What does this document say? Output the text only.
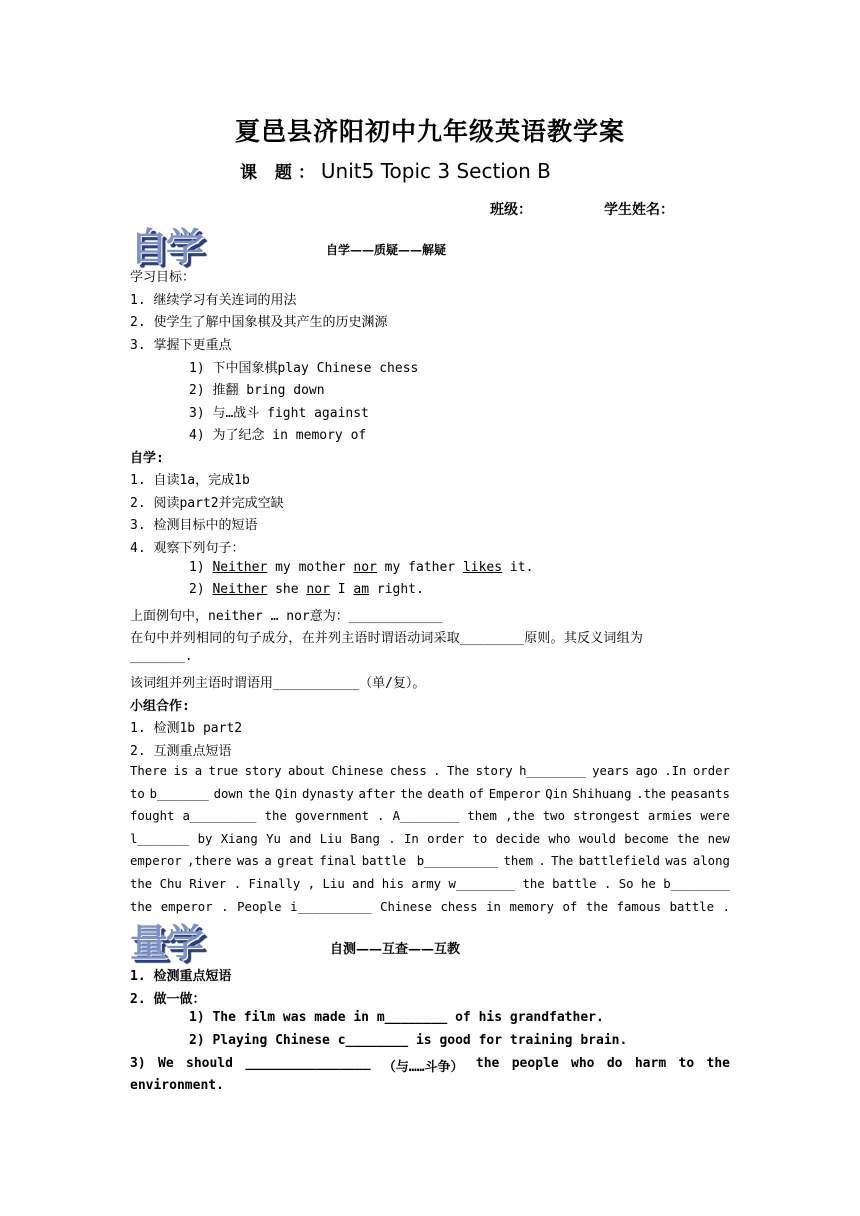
夏邑县济阳初中九年级英语教学案
课 题：Unit5 Topic 3 Section B
班级：	学生姓名：
自学	自学——质疑——解疑
学习目标：
1. 继续学习有关连词的用法
2. 使学生了解中国象棋及其产生的历史渊源
3. 掌握下更重点
1) 下中国象棋play Chinese chess
2) 推翻 bring down
3) 与…战斗 fight against
4) 为了纪念 in memory of
自学:
1. 自读1a，完成1b
2. 阅读part2并完成空缺
3. 检测目标中的短语
4. 观察下列句子：
1) Neither my mother nor my father likes it.
2) Neither she nor I am right.
上面例句中，neither … nor意为：____________
在句中并列相同的句子成分，在并列主语时谓语动词采取________原则。其反义词组为
_______.
该词组并列主语时谓语用___________（单/复）。
小组合作:
1. 检测1b part2
2. 互测重点短语
There is a true story about Chinese chess . The story h________ years ago .In order
to b_______ down the Qin dynasty after the death of Emperor Qin Shihuang .the peasants
fought a_________ the government . A________ them ,the two strongest armies were
l_______ by Xiang Yu and Liu Bang . In order to decide who would become the new
emperor ,there was a great final battle b__________ them . The battlefield was along
the Chu River . Finally , Liu and his army w________ the battle . So he b________
the emperor . People i__________ Chinese chess in memory of the famous battle .
量学	自测——互查——互教
1. 检测重点短语
2. 做一做：
1) The film was made in m________ of his grandfather.
2) Playing Chinese c________ is good for training brain.
3) We should ________________ （与……斗争） the people who do harm to the
environment.
